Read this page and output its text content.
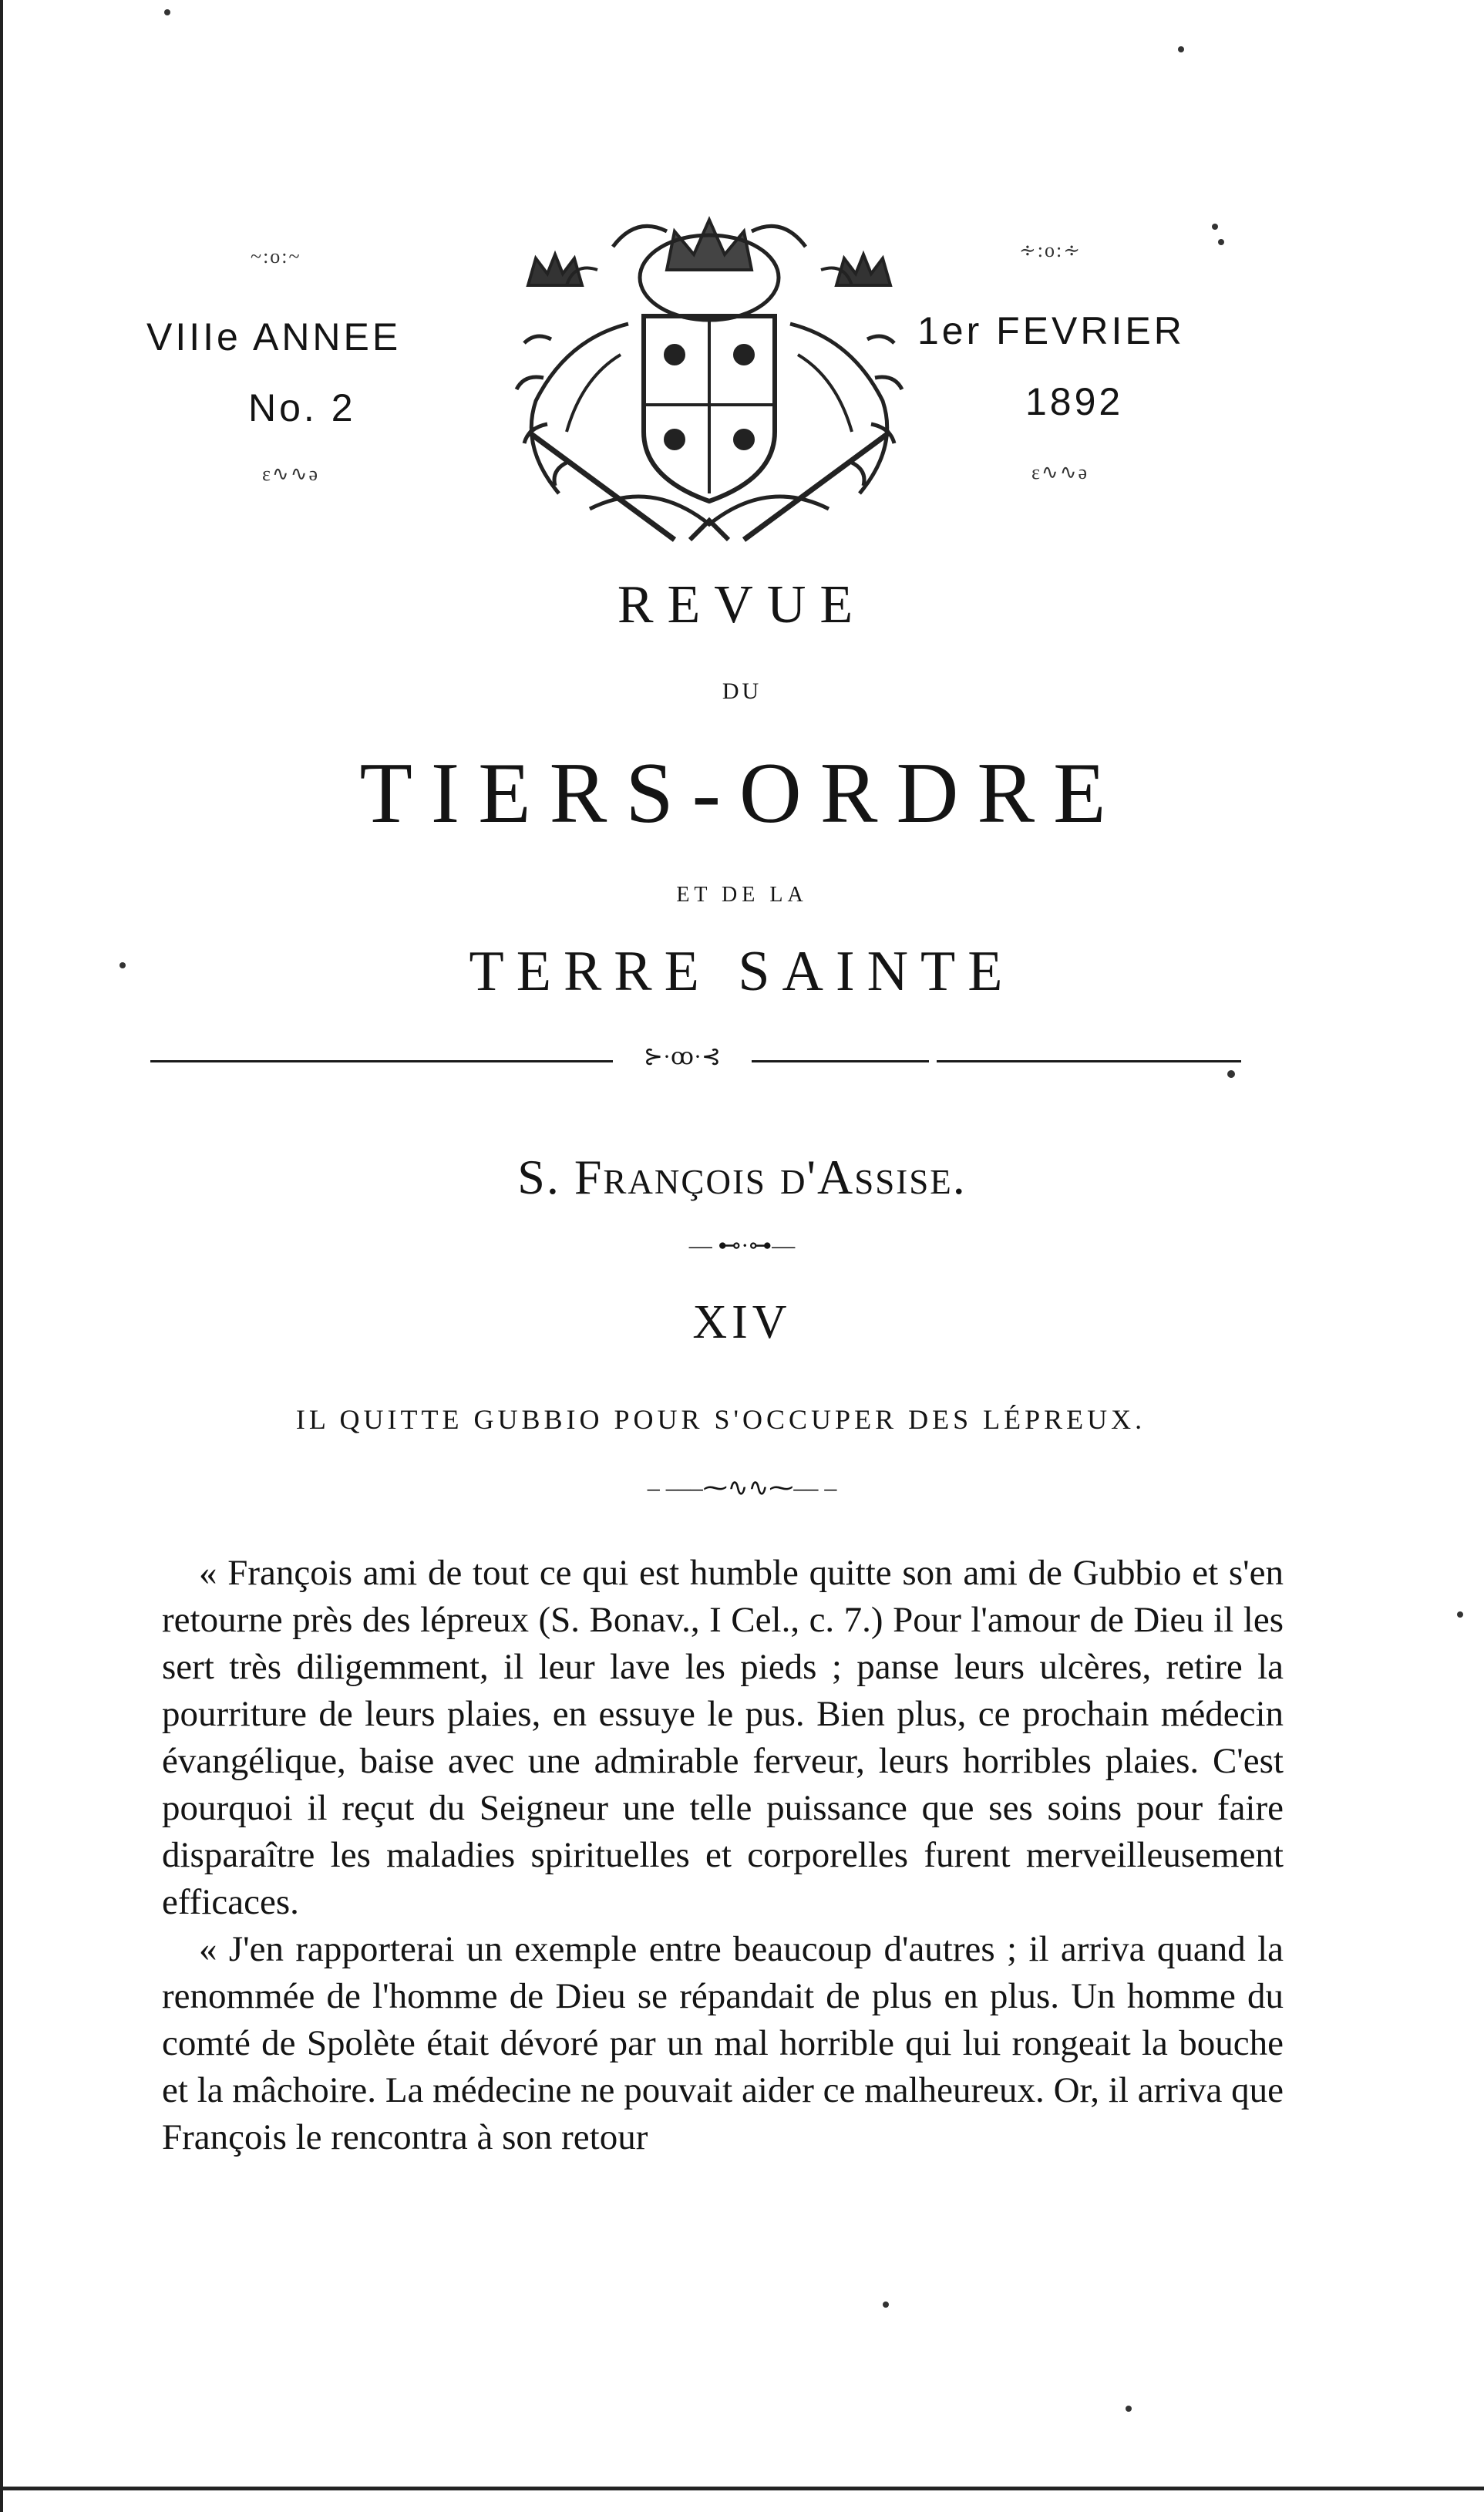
~:o:~
VIIIe ANNEE
No. 2
ε∿∿ə
∻:o:∻
1er FEVRIER
1892
ε∿∿ə
REVUE
DU
TIERS-ORDRE
ET DE LA
TERRE SAINTE
⊱·ꝏ·⊰
S. François d'Assise.
— ⊷·⊶—
XIV
IL QUITTE GUBBIO POUR S'OCCUPER DES LÉPREUX.
– –––⁓∿∿⁓–– –

« François ami de tout ce qui est humble quitte son ami de Gubbio et s'en retourne près des lépreux (S. Bonav., I Cel., c. 7.) Pour l'amour de Dieu il les sert très diligemment, il leur lave les pieds ; panse leurs ulcères, retire la pourriture de leurs plaies, en essuye le pus. Bien plus, ce prochain médecin évangélique, baise avec une admirable ferveur, leurs horribles plaies. C'est pourquoi il reçut du Seigneur une telle puissance que ses soins pour faire disparaître les maladies spirituelles et corporelles furent merveilleusement efficaces.

« J'en rapporterai un exemple entre beaucoup d'autres ; il arriva quand la renommée de l'homme de Dieu se répandait de plus en plus. Un homme du comté de Spolète était dévoré par un mal horrible qui lui rongeait la bouche et la mâchoire. La médecine ne pouvait aider ce malheureux. Or, il arriva que François le rencontra à son retour
